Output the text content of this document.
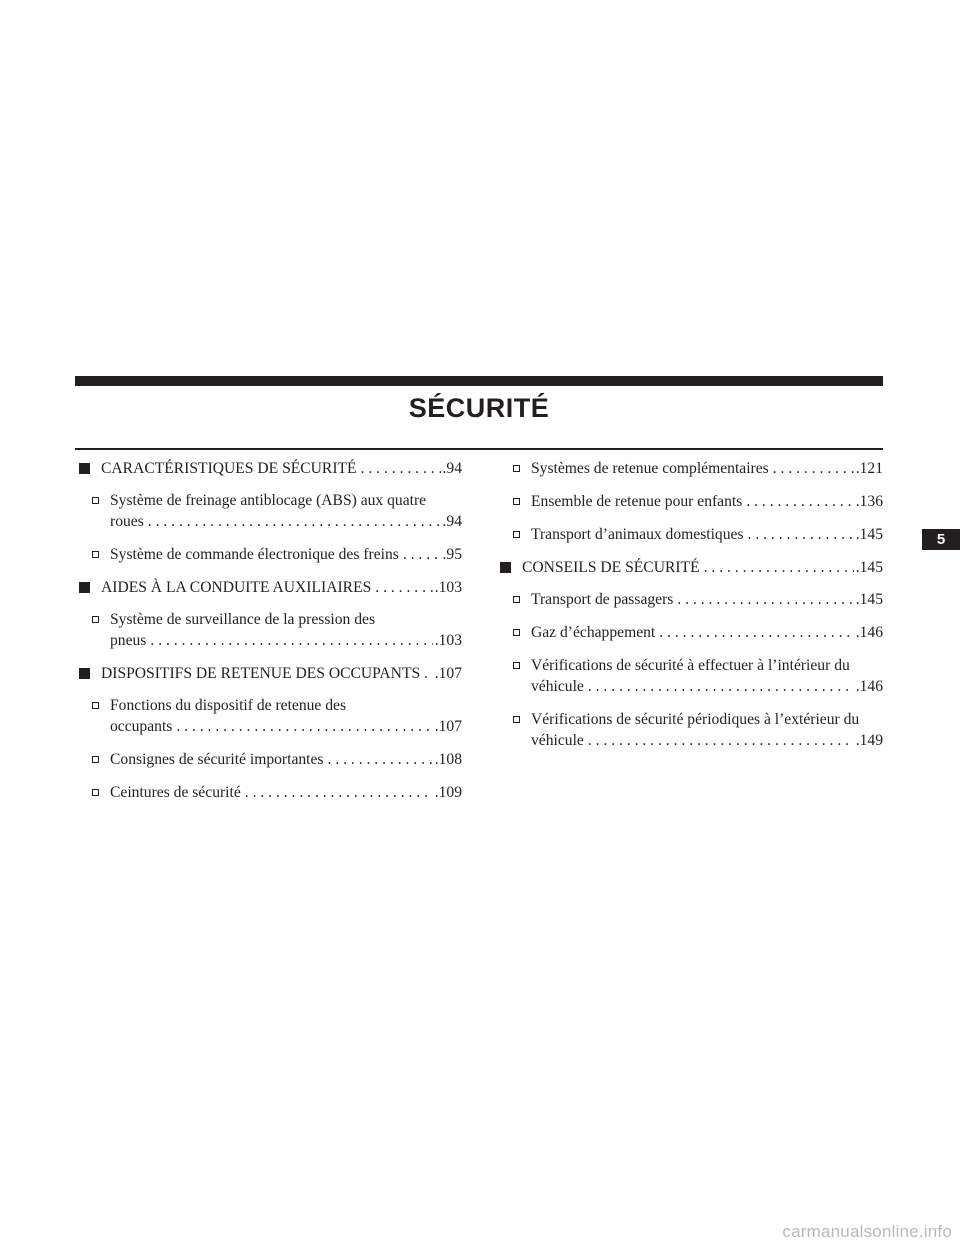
SÉCURITÉ
CARACTÉRISTIQUES DE SÉCURITÉ . . .	.94
Système de freinage antiblocage (ABS) aux quatre
roues . . .	.94
Système de commande électronique des freins . . .	.95
AIDES À LA CONDUITE AUXILIAIRES . . .	.103
Système de surveillance de la pression des
pneus . . .	.103
DISPOSITIFS DE RETENUE DES OCCUPANTS . . . .107
Fonctions du dispositif de retenue des
occupants . . .	.107
Consignes de sécurité importantes . . .	.108
Ceintures de sécurité . . .	.109
Systèmes de retenue complémentaires . . .	.121
Ensemble de retenue pour enfants . . .	.136
Transport d’animaux domestiques . . .	.145
CONSEILS DE SÉCURITÉ . . .	.145
Transport de passagers . . .	.145
Gaz d’échappement . . .	.146
Vérifications de sécurité à effectuer à l’intérieur du
véhicule . . .	.146
Vérifications de sécurité périodiques à l’extérieur du
véhicule . . .	.149
5
carmanualsonline.info
